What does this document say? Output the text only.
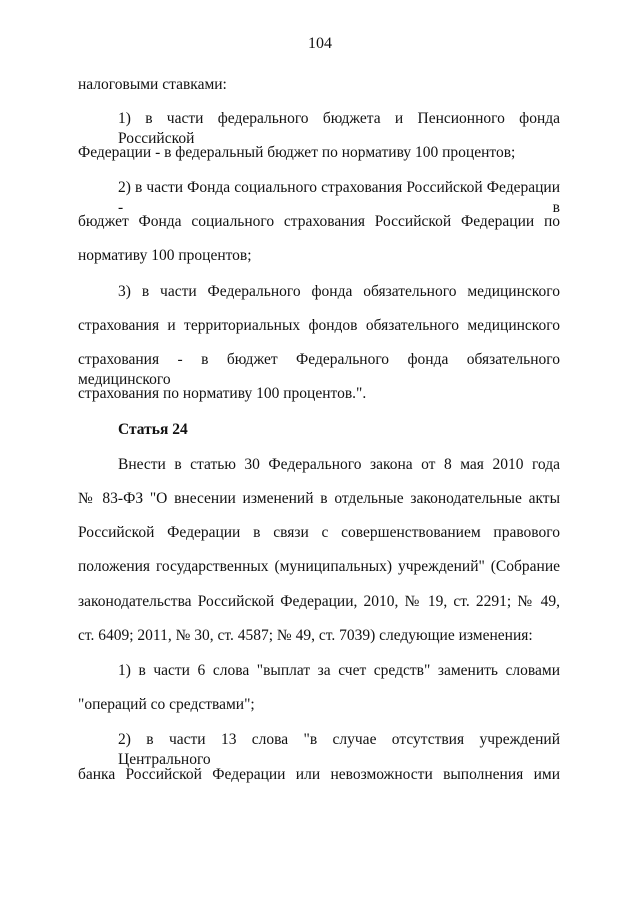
104
налоговыми ставками:
1) в части федерального бюджета и Пенсионного фонда Российской
Федерации - в федеральный бюджет по нормативу 100 процентов;
2) в части Фонда социального страхования Российской Федерации - в
бюджет Фонда социального страхования Российской Федерации по
нормативу 100 процентов;
3) в части Федерального фонда обязательного медицинского
страхования и территориальных фондов обязательного медицинского
страхования - в бюджет Федерального фонда обязательного медицинского
страхования по нормативу 100 процентов.".
Статья 24
Внести в статью 30 Федерального закона от 8 мая 2010 года
№ 83-ФЗ "О внесении изменений в отдельные законодательные акты
Российской Федерации в связи с совершенствованием правового
положения государственных (муниципальных) учреждений" (Собрание
законодательства Российской Федерации, 2010, № 19, ст. 2291; № 49,
ст. 6409; 2011, № 30, ст. 4587; № 49, ст. 7039) следующие изменения:
1) в части 6 слова "выплат за счет средств" заменить словами
"операций со средствами";
2) в части 13 слова "в случае отсутствия учреждений Центрального
банка Российской Федерации или невозможности выполнения ими
